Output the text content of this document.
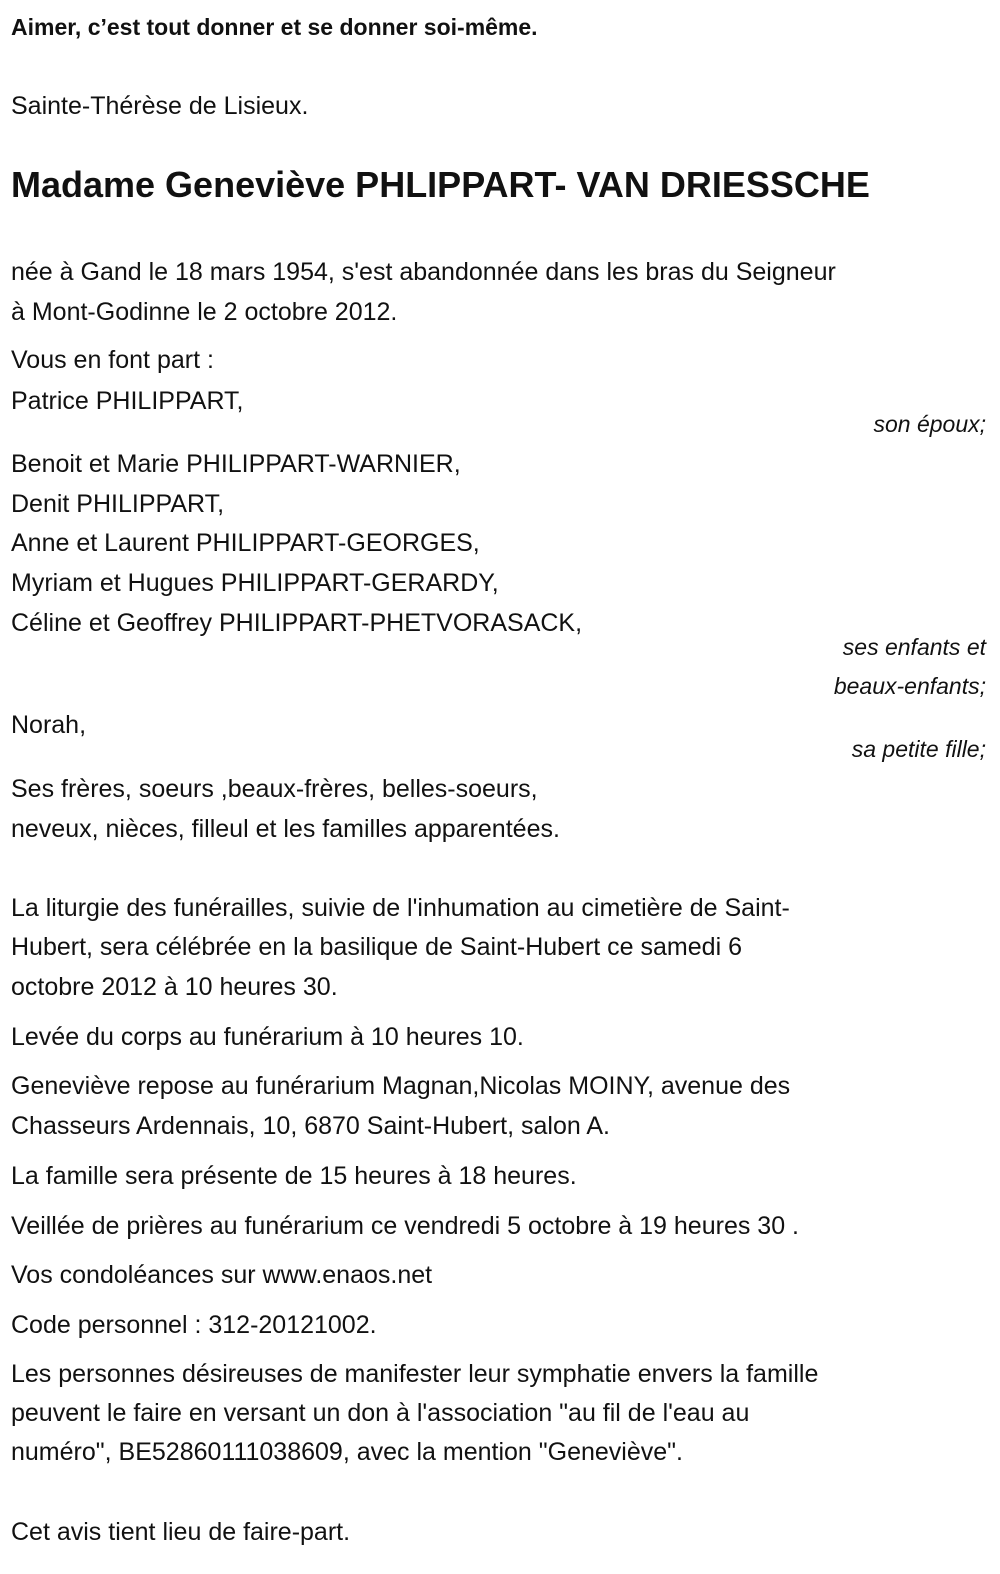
Aimer, c’est tout donner et se donner soi-même.
Sainte-Thérèse de Lisieux.
Madame Geneviève PHLIPPART- VAN DRIESSCHE
née à Gand le 18 mars 1954, s'est abandonnée dans les bras du Seigneur
à Mont-Godinne le 2 octobre 2012.
Vous en font part :
Patrice PHILIPPART,
son époux;
Benoit et Marie PHILIPPART-WARNIER,
Denit PHILIPPART,
Anne et Laurent PHILIPPART-GEORGES,
Myriam et Hugues PHILIPPART-GERARDY,
Céline et Geoffrey PHILIPPART-PHETVORASACK,
ses enfants et
beaux-enfants;
Norah,
sa petite fille;
Ses frères, soeurs ,beaux-frères, belles-soeurs,
neveux, nièces, filleul et les familles apparentées.
La liturgie des funérailles, suivie de l'inhumation au cimetière de Saint-
Hubert, sera célébrée en la basilique de Saint-Hubert ce samedi 6
octobre 2012 à 10 heures 30.
Levée du corps au funérarium à 10 heures 10.
Geneviève repose au funérarium Magnan,Nicolas MOINY, avenue des
Chasseurs Ardennais, 10, 6870 Saint-Hubert, salon A.
La famille sera présente de 15 heures à 18 heures.
Veillée de prières au funérarium ce vendredi 5 octobre à 19 heures 30 .
Vos condoléances sur www.enaos.net
Code personnel : 312-20121002.
Les personnes désireuses de manifester leur symphatie envers la famille
peuvent le faire en versant un don à l'association "au fil de l'eau au
numéro", BE52860111038609, avec la mention "Geneviève".
Cet avis tient lieu de faire-part.
